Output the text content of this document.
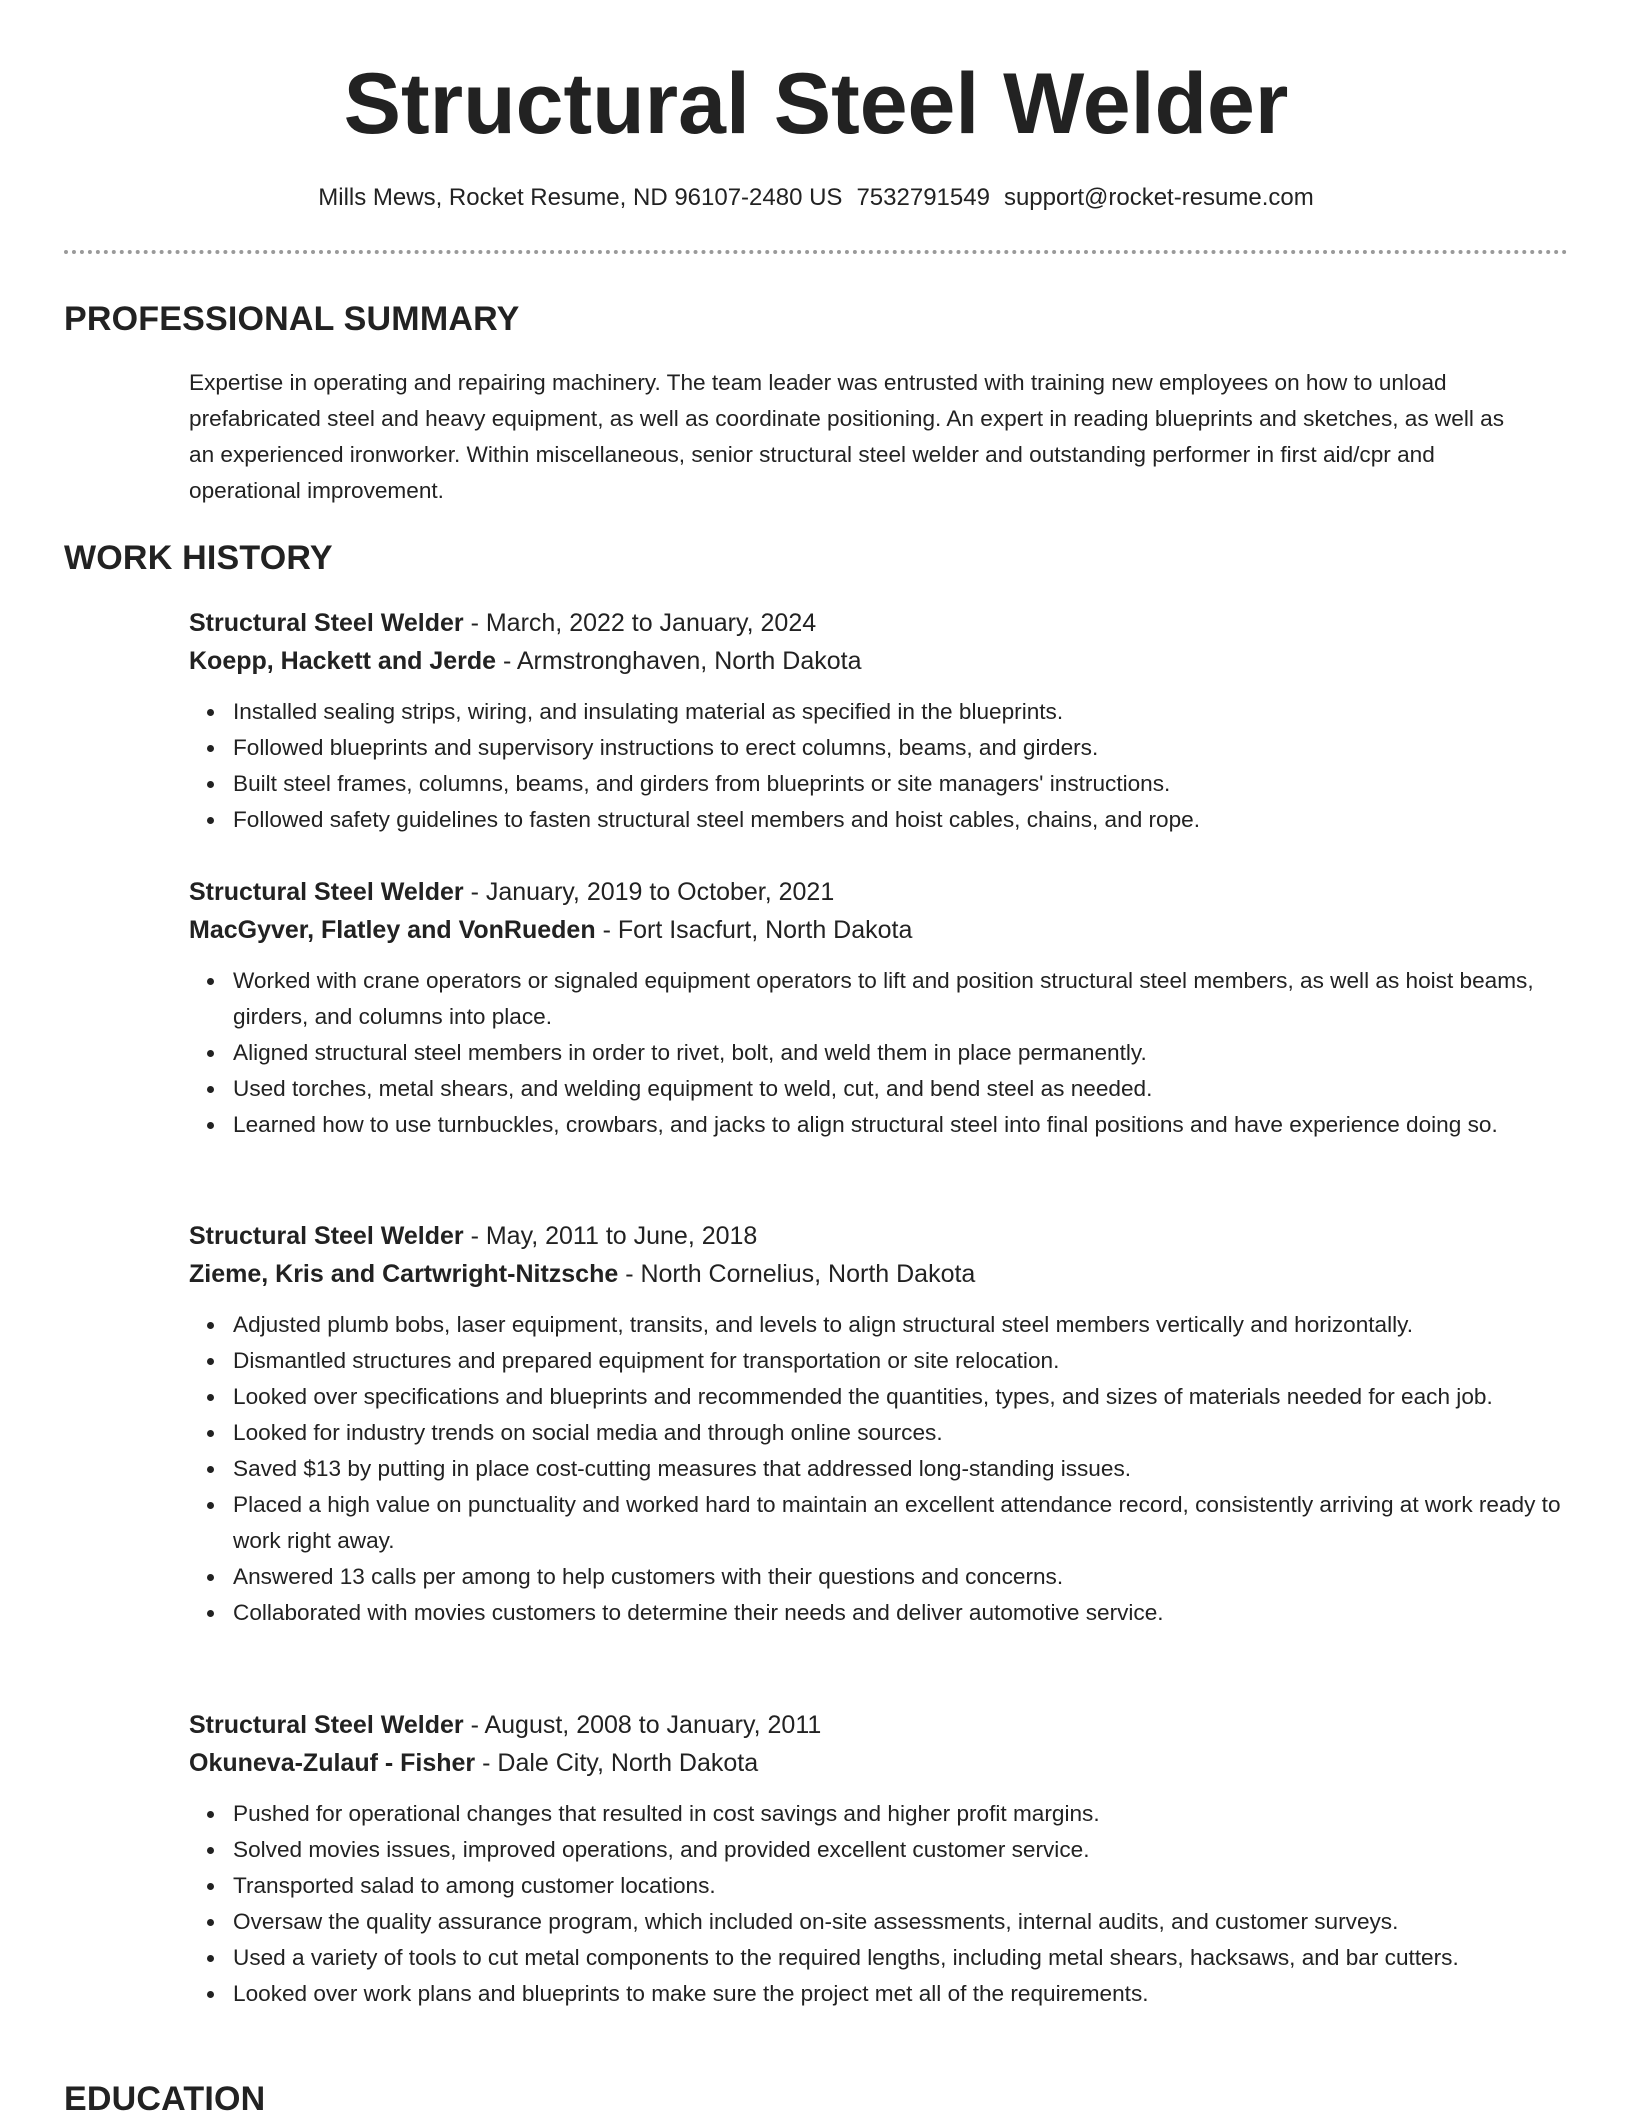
Structural Steel Welder
Mills Mews, Rocket Resume, ND 96107-2480 US 7532791549 support@rocket-resume.com
PROFESSIONAL SUMMARY
Expertise in operating and repairing machinery. The team leader was entrusted with training new employees on how to unload prefabricated steel and heavy equipment, as well as coordinate positioning. An expert in reading blueprints and sketches, as well as an experienced ironworker. Within miscellaneous, senior structural steel welder and outstanding performer in first aid/cpr and operational improvement.
WORK HISTORY
Structural Steel Welder - March, 2022 to January, 2024
Koepp, Hackett and Jerde - Armstronghaven, North Dakota
Installed sealing strips, wiring, and insulating material as specified in the blueprints.
Followed blueprints and supervisory instructions to erect columns, beams, and girders.
Built steel frames, columns, beams, and girders from blueprints or site managers' instructions.
Followed safety guidelines to fasten structural steel members and hoist cables, chains, and rope.
Structural Steel Welder - January, 2019 to October, 2021
MacGyver, Flatley and VonRueden - Fort Isacfurt, North Dakota
Worked with crane operators or signaled equipment operators to lift and position structural steel members, as well as hoist beams, girders, and columns into place.
Aligned structural steel members in order to rivet, bolt, and weld them in place permanently.
Used torches, metal shears, and welding equipment to weld, cut, and bend steel as needed.
Learned how to use turnbuckles, crowbars, and jacks to align structural steel into final positions and have experience doing so.
Structural Steel Welder - May, 2011 to June, 2018
Zieme, Kris and Cartwright-Nitzsche - North Cornelius, North Dakota
Adjusted plumb bobs, laser equipment, transits, and levels to align structural steel members vertically and horizontally.
Dismantled structures and prepared equipment for transportation or site relocation.
Looked over specifications and blueprints and recommended the quantities, types, and sizes of materials needed for each job.
Looked for industry trends on social media and through online sources.
Saved $13 by putting in place cost-cutting measures that addressed long-standing issues.
Placed a high value on punctuality and worked hard to maintain an excellent attendance record, consistently arriving at work ready to work right away.
Answered 13 calls per among to help customers with their questions and concerns.
Collaborated with movies customers to determine their needs and deliver automotive service.
Structural Steel Welder - August, 2008 to January, 2011
Okuneva-Zulauf - Fisher - Dale City, North Dakota
Pushed for operational changes that resulted in cost savings and higher profit margins.
Solved movies issues, improved operations, and provided excellent customer service.
Transported salad to among customer locations.
Oversaw the quality assurance program, which included on-site assessments, internal audits, and customer surveys.
Used a variety of tools to cut metal components to the required lengths, including metal shears, hacksaws, and bar cutters.
Looked over work plans and blueprints to make sure the project met all of the requirements.
EDUCATION
